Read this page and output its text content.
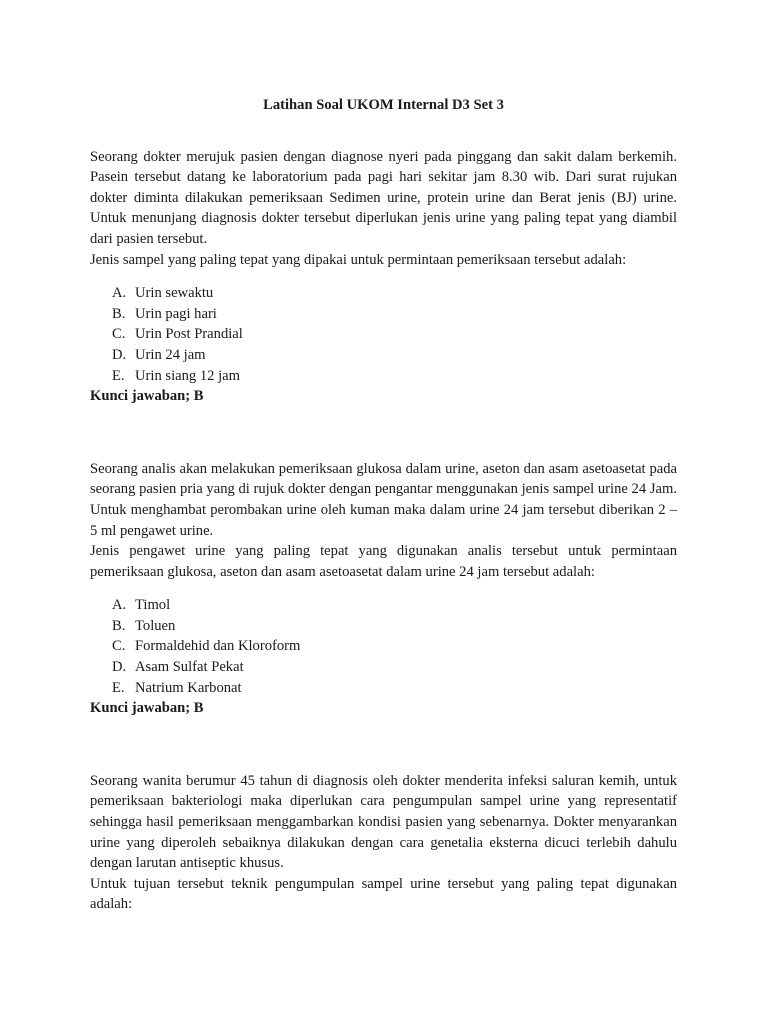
Latihan Soal UKOM Internal D3 Set 3

Seorang dokter merujuk pasien dengan diagnose nyeri pada pinggang dan sakit dalam berkemih. Pasein tersebut datang ke laboratorium pada pagi hari sekitar jam 8.30 wib. Dari surat rujukan dokter diminta dilakukan pemeriksaan Sedimen urine, protein urine dan Berat jenis (BJ) urine. Untuk menunjang diagnosis dokter tersebut diperlukan jenis urine yang paling tepat yang diambil dari pasien tersebut.

Jenis sampel yang paling tepat yang dipakai untuk permintaan pemeriksaan tersebut adalah:

A. Urin sewaktu
B. Urin pagi hari
C. Urin Post Prandial
D. Urin 24 jam
E. Urin siang 12 jam

Kunci jawaban; B

Seorang analis akan melakukan pemeriksaan glukosa dalam urine, aseton dan asam asetoasetat pada seorang pasien pria yang di rujuk dokter dengan pengantar menggunakan jenis sampel urine 24 Jam. Untuk menghambat perombakan urine oleh kuman maka dalam urine 24 jam tersebut diberikan 2 – 5 ml pengawet urine.

Jenis pengawet urine yang paling tepat yang digunakan analis tersebut untuk permintaan pemeriksaan glukosa, aseton dan asam asetoasetat dalam urine 24 jam tersebut adalah:

A. Timol
B. Toluen
C. Formaldehid dan Kloroform
D. Asam Sulfat Pekat
E. Natrium Karbonat

Kunci jawaban; B

Seorang wanita berumur 45 tahun di diagnosis oleh dokter menderita infeksi saluran kemih, untuk pemeriksaan bakteriologi maka diperlukan cara pengumpulan sampel urine yang representatif sehingga hasil pemeriksaan menggambarkan kondisi pasien yang sebenarnya. Dokter menyarankan urine yang diperoleh sebaiknya dilakukan dengan cara genetalia eksterna dicuci terlebih dahulu dengan larutan antiseptic khusus.

Untuk tujuan tersebut teknik pengumpulan sampel urine tersebut yang paling tepat digunakan adalah:
